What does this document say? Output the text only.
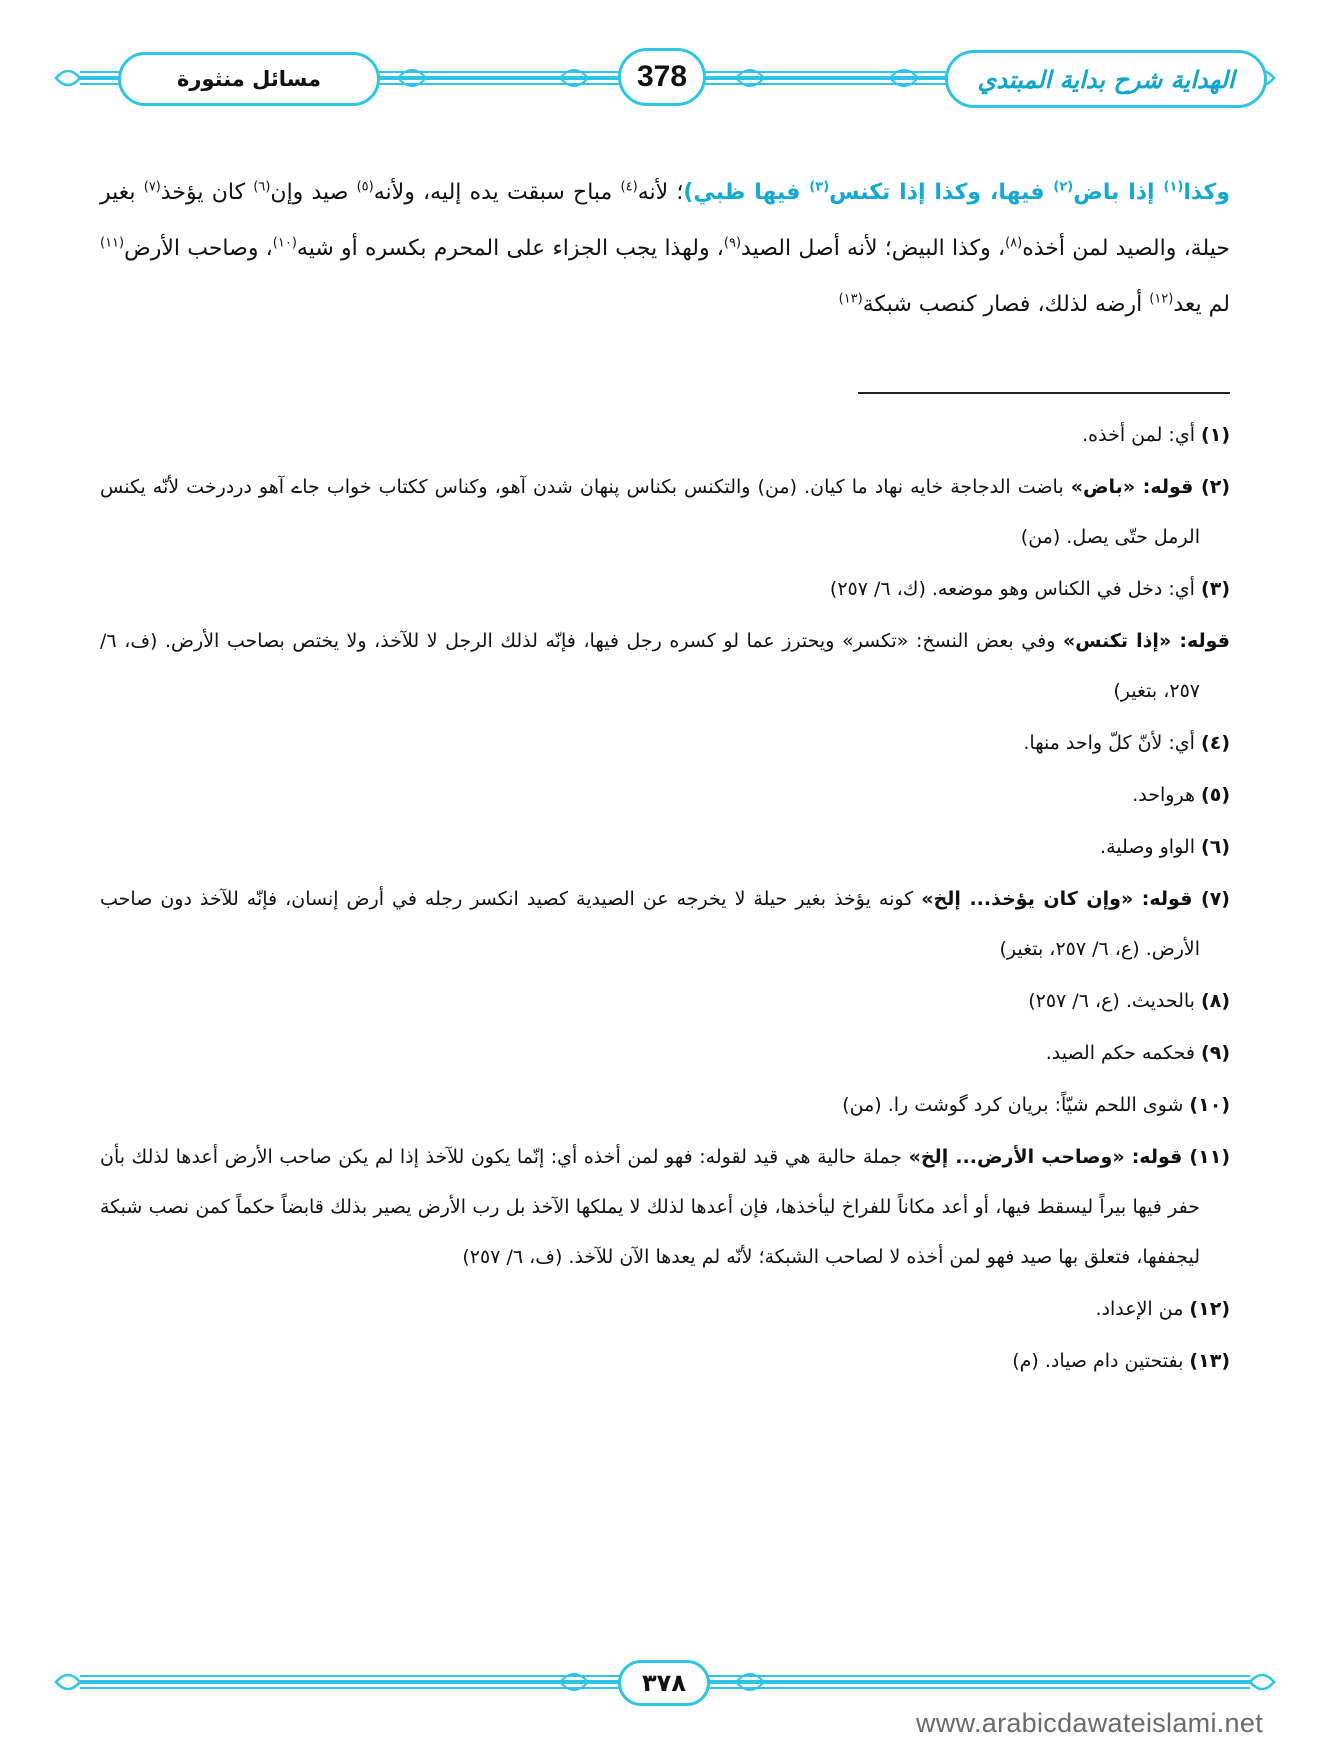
الهداية شرح بداية المبتدي
378
مسائل منثورة
وكذا$^{(١)}$ إذا باض$^{(٢)}$ فيها، وكذا إذا تكنس$^{(٣)}$ فيها ظبي)؛ لأنه$^{(٤)}$ مباح سبقت يده إليه، ولأنه$^{(٥)}$ صيد وإن$^{(٦)}$ كان يؤخذ$^{(٧)}$ بغير حيلة، والصيد لمن أخذه$^{(٨)}$، وكذا البيض؛ لأنه أصل الصيد$^{(٩)}$، ولهذا يجب الجزاء على المحرم بكسره أو شيه$^{(١٠)}$، وصاحب الأرض$^{(١١)}$ لم يعد$^{(١٢)}$ أرضه لذلك، فصار كنصب شبكة$^{(١٣)}$
(١) أي: لمن أخذه.
(٢) قوله: «باض» باضت الدجاجة خايه نهاد ما كيان. (من) والتكنس بكناس پنهان شدن آهو، وكناس ككتاب خواب جاے آهو دردرخت لأنّه يكنس الرمل حتّى يصل. (من)
(٣) أي: دخل في الكناس وهو موضعه. (ك، ٦/ ٢٥٧)
قوله: «إذا تكنس» وفي بعض النسخ: «تكسر» ويحترز عما لو كسره رجل فيها، فإنّه لذلك الرجل لا للآخذ، ولا يختص بصاحب الأرض. (ف، ٦/ ٢٥٧، بتغير)
(٤) أي: لأنّ كلّ واحد منها.
(٥) هرواحد.
(٦) الواو وصلية.
(٧) قوله: «وإن كان يؤخذ... إلخ» كونه يؤخذ بغير حيلة لا يخرجه عن الصيدية كصيد انكسر رجله في أرض إنسان، فإنّه للآخذ دون صاحب الأرض. (ع، ٦/ ٢٥٧، بتغير)
(٨) بالحديث. (ع، ٦/ ٢٥٧)
(٩) فحكمه حكم الصيد.
(١٠) شوى اللحم شيّاً: بريان كرد گوشت را. (من)
(١١) قوله: «وصاحب الأرض... إلخ» جملة حالية هي قيد لقوله: فهو لمن أخذه أي: إنّما يكون للآخذ إذا لم يكن صاحب الأرض أعدها لذلك بأن حفر فيها بيراً ليسقط فيها، أو أعد مكاناً للفراخ ليأخذها، فإن أعدها لذلك لا يملكها الآخذ بل رب الأرض يصير بذلك قابضاً حكماً كمن نصب شبكة ليجففها، فتعلق بها صيد فهو لمن أخذه لا لصاحب الشبكة؛ لأنّه لم يعدها الآن للآخذ. (ف، ٦/ ٢٥٧)
(١٢) من الإعداد.
(١٣) بفتحتين دام صياد. (م)
٣٧٨
www.arabicdawateislami.net
